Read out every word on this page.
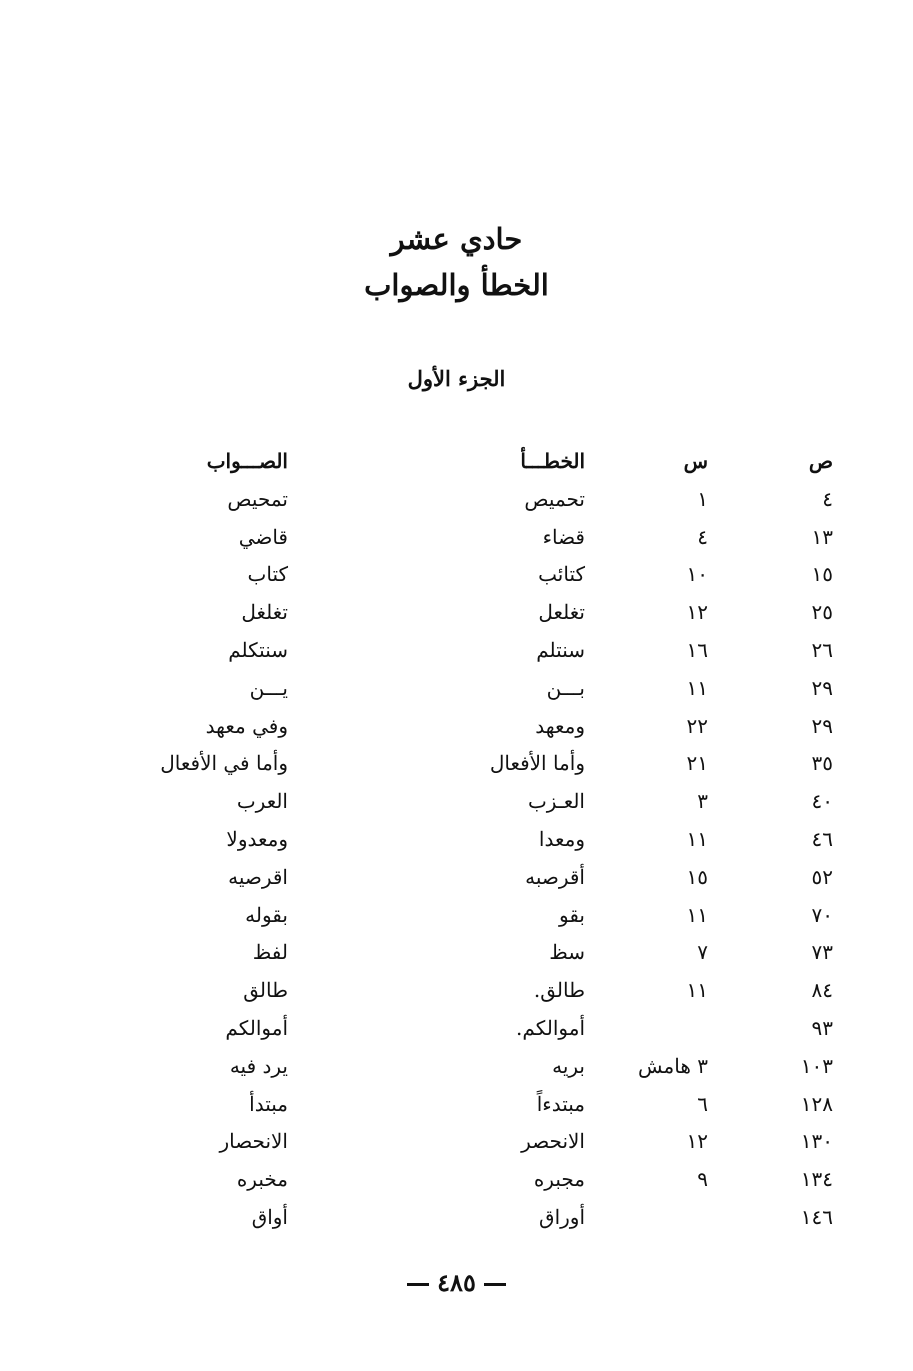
حادي عشر
الخطأ والصواب
الجزء الأول
ص
س
الخطـــأ
الصـــواب
٤
١
تحميص
تمحيص
١٣
٤
قضاء
قاضي
١٥
١٠
كتائب
كتاب
٢٥
١٢
تغلعل
تغلغل
٢٦
١٦
سنتلم
سنتكلم
٢٩
١١
بـــن
يـــن
٢٩
٢٢
ومعهد
وفي معهد
٣٥
٢١
وأما الأفعال
وأما في الأفعال
٤٠
٣
العـزب
العرب
٤٦
١١
ومعدا
ومعدولا
٥٢
١٥
أقرصبه
اقرصيه
٧٠
١١
بقو
بقوله
٧٣
٧
سظ
لفظ
٨٤
١١
طالق.
طالق
٩٣
أموالكم.
أموالكم
١٠٣
٣ هامش
بريه
يرد فيه
١٢٨
٦
مبتدءاً
مبتدأ
١٣٠
١٢
الانحصر
الانحصار
١٣٤
٩
مجبره
مخبره
١٤٦
أوراق
أواق
٤٨٥
